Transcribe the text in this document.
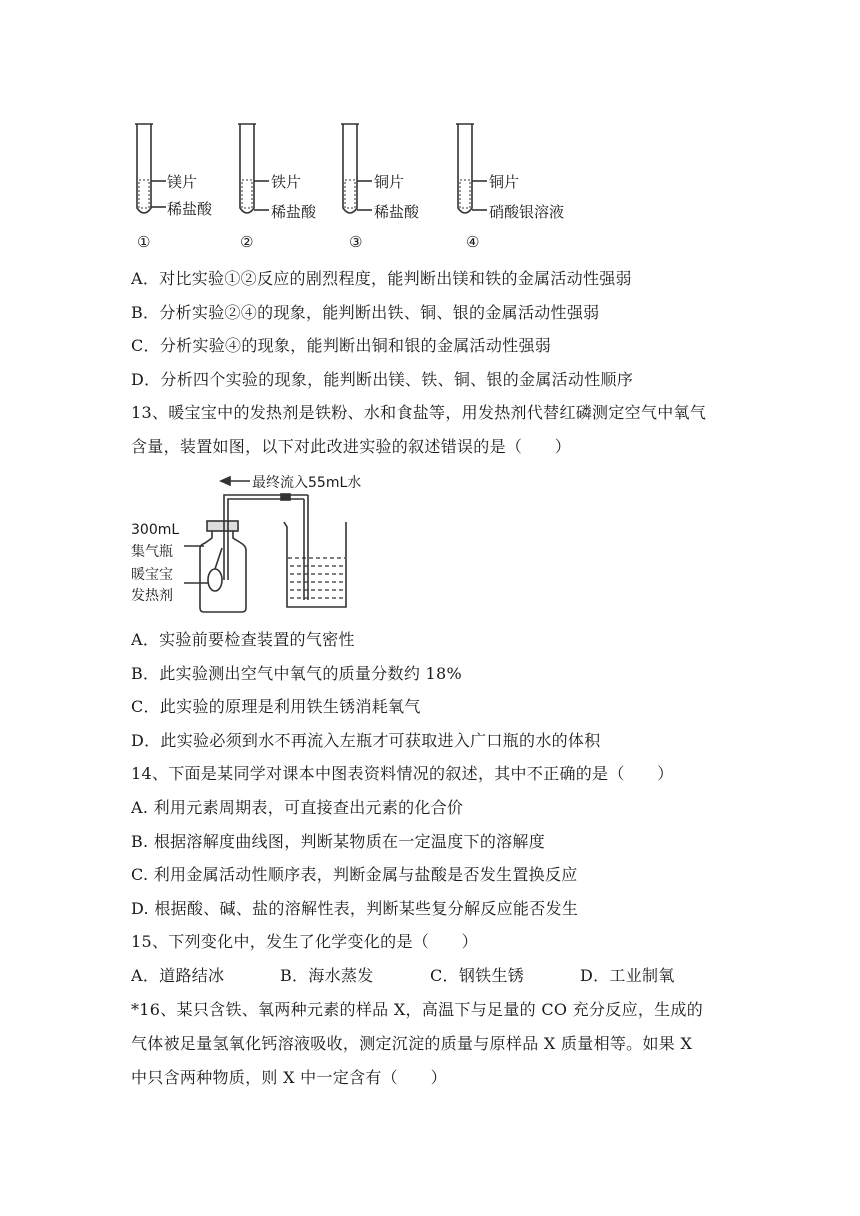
镁片
稀盐酸
①
铁片
稀盐酸
②
铜片
稀盐酸
③
铜片
硝酸银溶液
④
A．对比实验①②反应的剧烈程度，能判断出镁和铁的金属活动性强弱
B．分析实验②④的现象，能判断出铁、铜、银的金属活动性强弱
C．分析实验④的现象，能判断出铜和银的金属活动性强弱
D．分析四个实验的现象，能判断出镁、铁、铜、银的金属活动性顺序
13、暖宝宝中的发热剂是铁粉、水和食盐等，用发热剂代替红磷测定空气中氧气
含量，装置如图，以下对此改进实验的叙述错误的是（　　）
最终流入55mL水
300mL
集气瓶
暖宝宝
发热剂
A．实验前要检查装置的气密性
B．此实验测出空气中氧气的质量分数约 18%
C．此实验的原理是利用铁生锈消耗氧气
D．此实验必须到水不再流入左瓶才可获取进入广口瓶的水的体积
14、下面是某同学对课本中图表资料情况的叙述，其中不正确的是（　　）
A. 利用元素周期表，可直接查出元素的化合价
B. 根据溶解度曲线图，判断某物质在一定温度下的溶解度
C. 利用金属活动性顺序表，判断金属与盐酸是否发生置换反应
D. 根据酸、碱、盐的溶解性表，判断某些复分解反应能否发生
15、下列变化中，发生了化学变化的是（　　）
A．道路结冰	B．海水蒸发	C．钢铁生锈	D．工业制氧
*16、某只含铁、氧两种元素的样品 X，高温下与足量的 CO 充分反应，生成的
气体被足量氢氧化钙溶液吸收，测定沉淀的质量与原样品 X 质量相等。如果 X
中只含两种物质，则 X 中一定含有（　　）
